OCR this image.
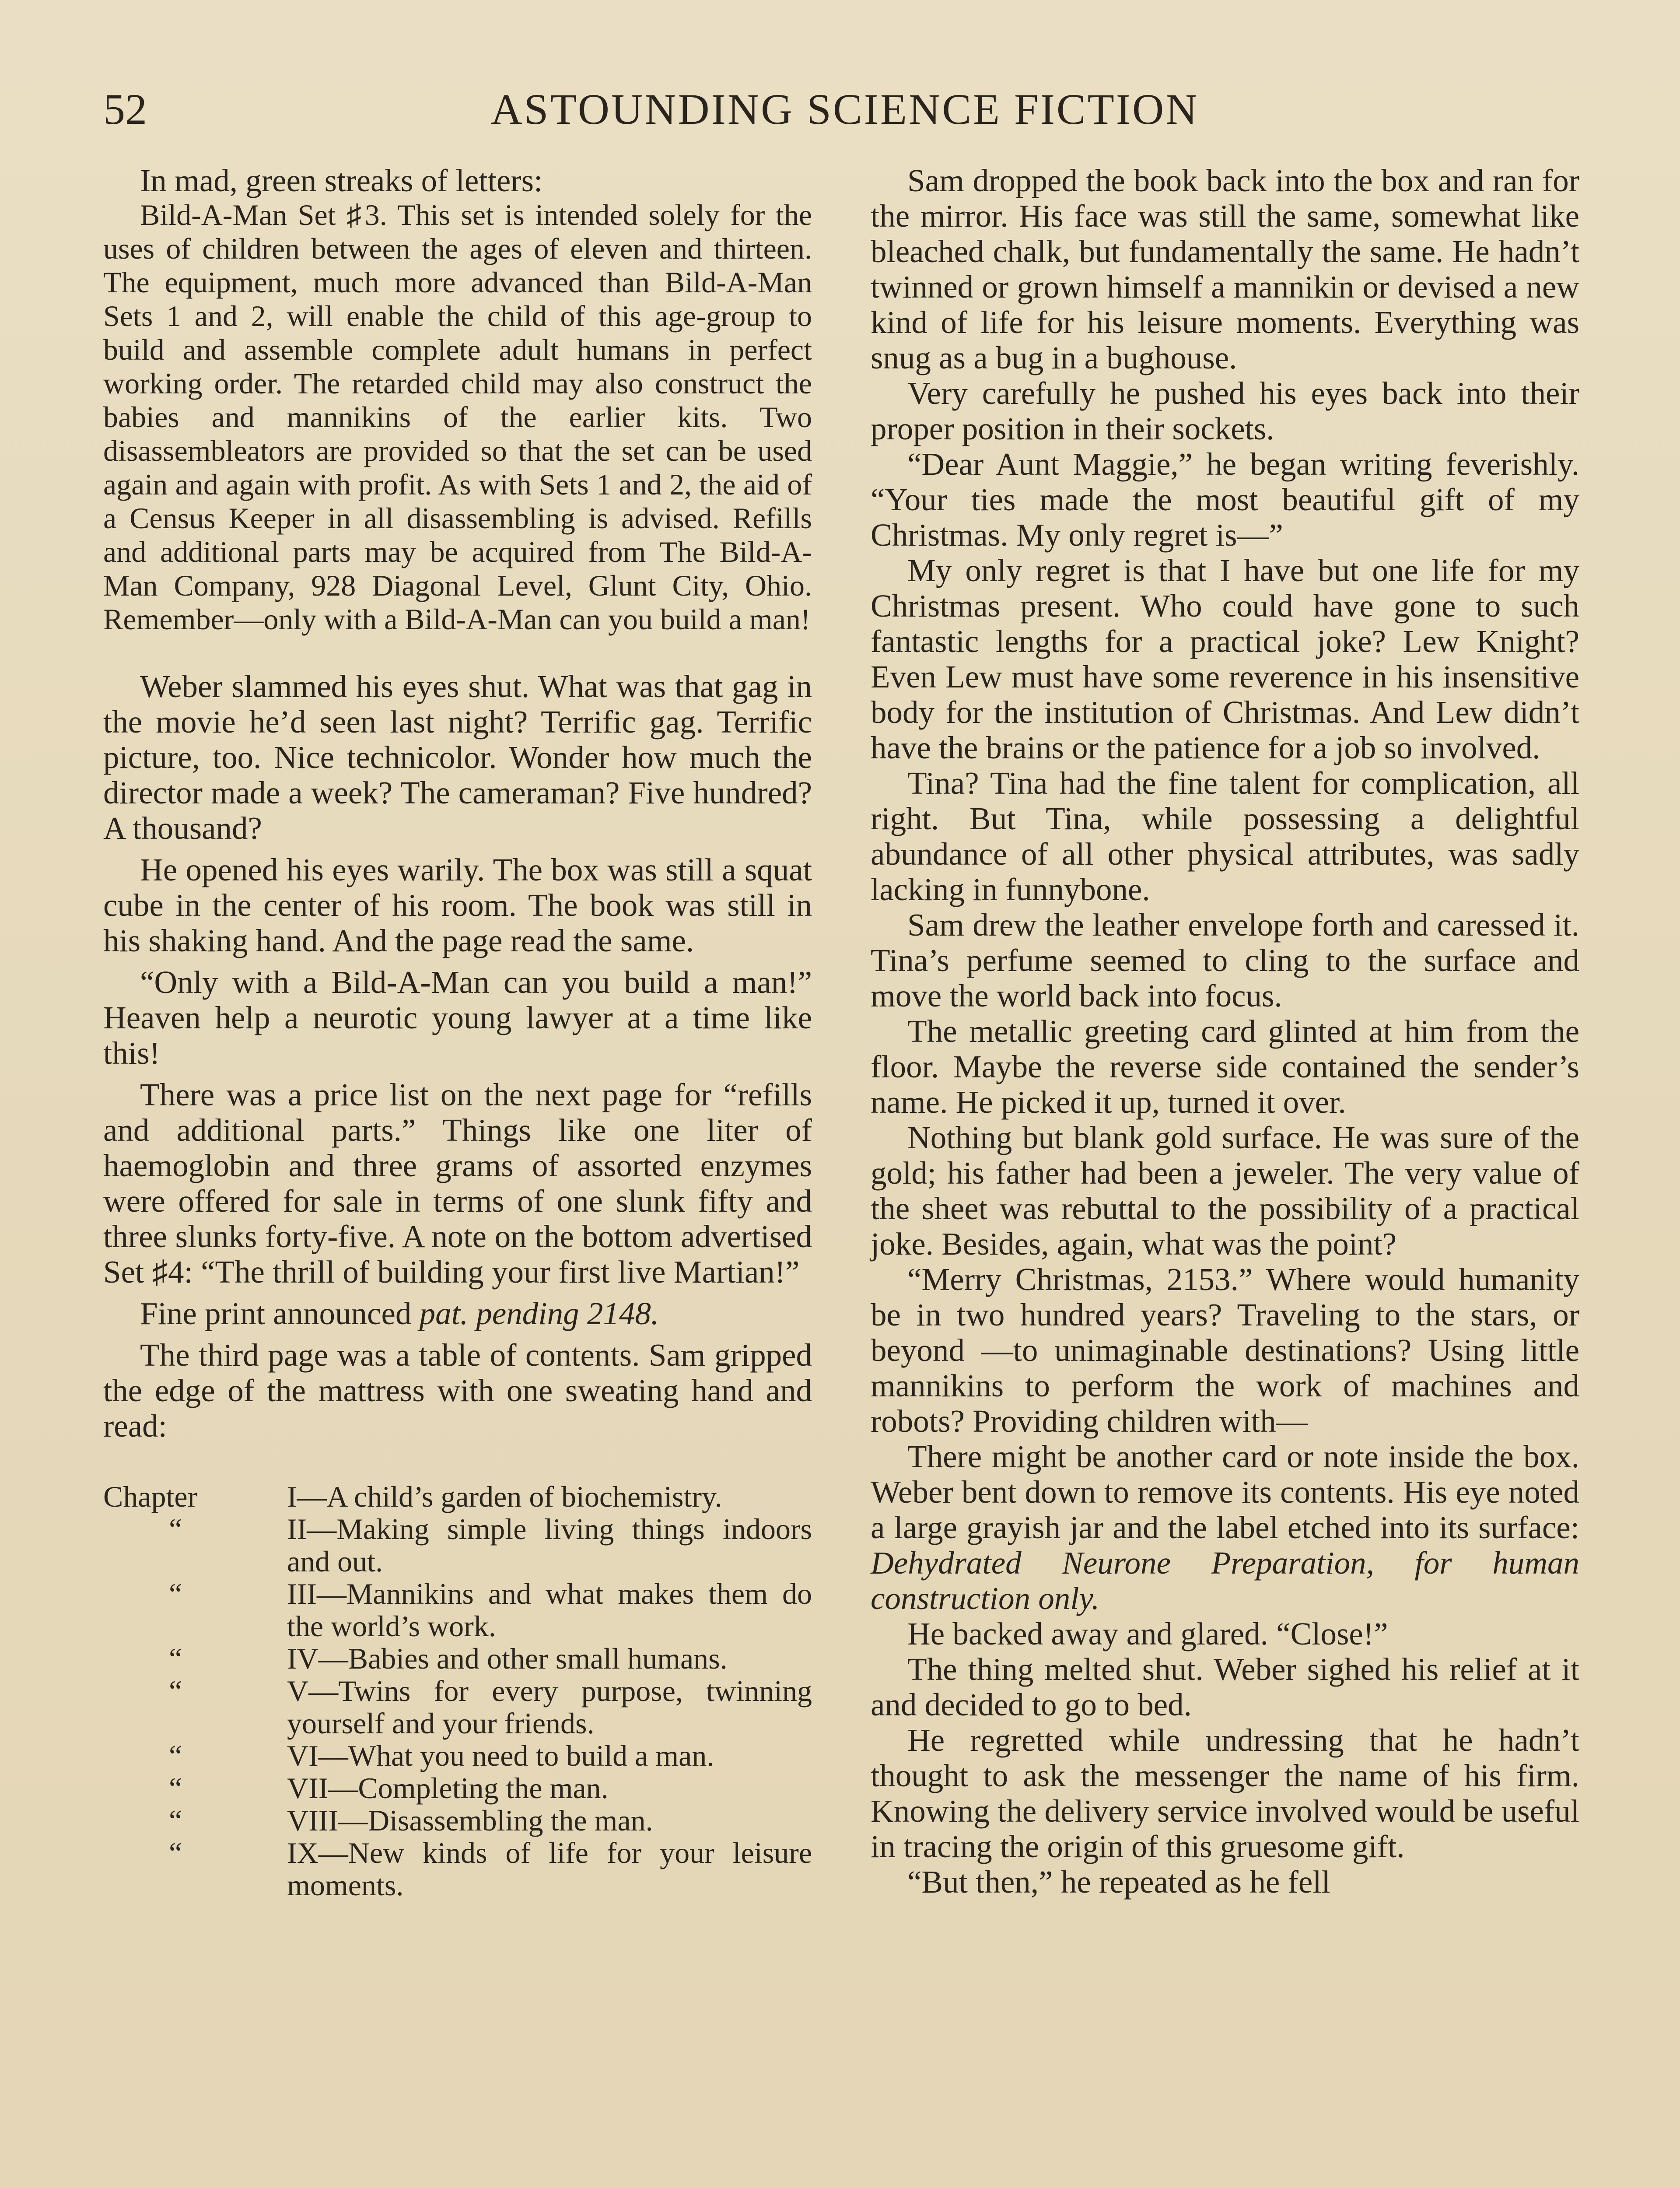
52	ASTOUNDING SCIENCE FICTION

In mad, green streaks of letters:

Bild-A-Man Set ♯3. This set is intended solely for the uses of children between the ages of eleven and thirteen. The equipment, much more advanced than Bild-A-Man Sets 1 and 2, will enable the child of this age-group to build and assemble complete adult humans in perfect working order. The retarded child may also construct the babies and mannikins of the earlier kits. Two disassembleators are provided so that the set can be used again and again with profit. As with Sets 1 and 2, the aid of a Census Keeper in all disassembling is advised. Refills and additional parts may be acquired from The Bild-A-Man Company, 928 Diagonal Level, Glunt City, Ohio. Remember—only with a Bild-A-Man can you build a man!

Weber slammed his eyes shut. What was that gag in the movie he’d seen last night? Terrific gag. Terrific picture, too. Nice technicolor. Wonder how much the director made a week? The cameraman? Five hundred? A thousand?

He opened his eyes warily. The box was still a squat cube in the center of his room. The book was still in his shaking hand. And the page read the same.

“Only with a Bild-A-Man can you build a man!” Heaven help a neurotic young lawyer at a time like this!

There was a price list on the next page for “refills and additional parts.” Things like one liter of haemoglobin and three grams of assorted enzymes were offered for sale in terms of one slunk fifty and three slunks forty-five. A note on the bottom advertised Set ♯4: “The thrill of building your first live Martian!”

Fine print announced pat. pending 2148.

The third page was a table of contents. Sam gripped the edge of the mattress with one sweating hand and read:

Chapter	I—A child’s garden of biochemistry.
“	II—Making simple living things indoors and out.
“	III—Mannikins and what makes them do the world’s work.
“	IV—Babies and other small humans.
“	V—Twins for every purpose, twinning yourself and your friends.
“	VI—What you need to build a man.
“	VII—Completing the man.
“	VIII—Disassembling the man.
“	IX—New kinds of life for your leisure moments.

Sam dropped the book back into the box and ran for the mirror. His face was still the same, somewhat like bleached chalk, but fundamentally the same. He hadn’t twinned or grown himself a mannikin or devised a new kind of life for his leisure moments. Everything was snug as a bug in a bughouse.

Very carefully he pushed his eyes back into their proper position in their sockets.

“Dear Aunt Maggie,” he began writing feverishly. “Your ties made the most beautiful gift of my Christmas. My only regret is—”

My only regret is that I have but one life for my Christmas present. Who could have gone to such fantastic lengths for a practical joke? Lew Knight? Even Lew must have some reverence in his insensitive body for the institution of Christmas. And Lew didn’t have the brains or the patience for a job so involved.

Tina? Tina had the fine talent for complication, all right. But Tina, while possessing a delightful abundance of all other physical attributes, was sadly lacking in funnybone.

Sam drew the leather envelope forth and caressed it. Tina’s perfume seemed to cling to the surface and move the world back into focus.

The metallic greeting card glinted at him from the floor. Maybe the reverse side contained the sender’s name. He picked it up, turned it over.

Nothing but blank gold surface. He was sure of the gold; his father had been a jeweler. The very value of the sheet was rebuttal to the possibility of a practical joke. Besides, again, what was the point?

“Merry Christmas, 2153.” Where would humanity be in two hundred years? Traveling to the stars, or beyond —to unimaginable destinations? Using little mannikins to perform the work of machines and robots? Providing children with—

There might be another card or note inside the box. Weber bent down to remove its contents. His eye noted a large grayish jar and the label etched into its surface: Dehydrated Neurone Preparation, for human construction only.

He backed away and glared. “Close!”

The thing melted shut. Weber sighed his relief at it and decided to go to bed.

He regretted while undressing that he hadn’t thought to ask the messenger the name of his firm. Knowing the delivery service involved would be useful in tracing the origin of this gruesome gift.

“But then,” he repeated as he fell
